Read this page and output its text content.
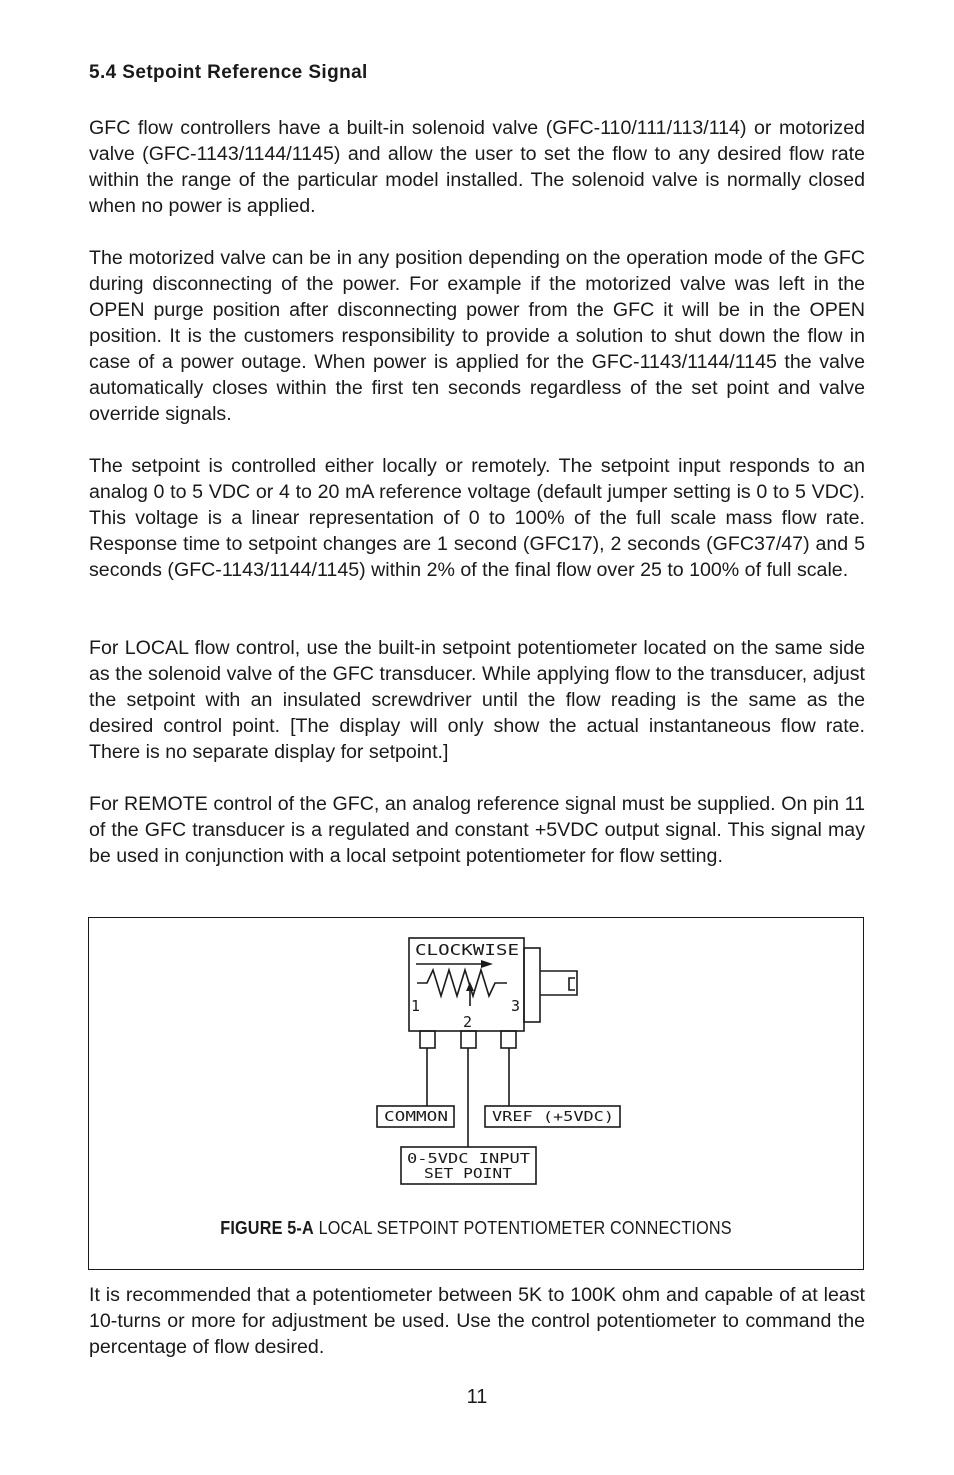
5.4 Setpoint Reference Signal

GFC flow controllers have a built-in solenoid valve (GFC-110/111/113/114) or motorized valve (GFC-1143/1144/1145) and allow the user to set the flow to any desired flow rate within the range of the particular model installed. The solenoid valve is normally closed when no power is applied.

The motorized valve can be in any position depending on the operation mode of the GFC during disconnecting of the power. For example if the motorized valve was left in the OPEN purge position after disconnecting power from the GFC it will be in the OPEN position. It is the customers responsibility to provide a solution to shut down the flow in case of a power outage. When power is applied for the GFC-1143/1144/1145 the valve automatically closes within the first ten seconds regardless of the set point and valve override signals.

The setpoint is controlled either locally or remotely. The setpoint input responds to an analog 0 to 5 VDC or 4 to 20 mA reference voltage (default jumper setting is 0 to 5 VDC). This voltage is a linear representation of 0 to 100% of the full scale mass flow rate. Response time to setpoint changes are 1 second (GFC17), 2 seconds (GFC37/47) and 5 seconds (GFC-1143/1144/1145) within 2% of the final flow over 25 to 100% of full scale.

For LOCAL flow control, use the built-in setpoint potentiometer located on the same side as the solenoid valve of the GFC transducer. While applying flow to the transducer, adjust the setpoint with an insulated screwdriver until the flow reading is the same as the desired control point. [The display will only show the actual instantaneous flow rate. There is no separate display for setpoint.]

For REMOTE control of the GFC, an analog reference signal must be supplied. On pin 11 of the GFC transducer is a regulated and constant +5VDC output signal. This signal may be used in conjunction with a local setpoint potentiometer for flow setting.

It is recommended that a potentiometer between 5K to 100K ohm and capable of at least 10-turns or more for adjustment be used. Use the control potentiometer to command the percentage of flow desired.

CLOCKWISE
1
2
3
COMMON	VREF (+5VDC)
0-5VDC INPUT
SET POINT
FIGURE 5-A LOCAL SETPOINT POTENTIOMETER CONNECTIONS
11
